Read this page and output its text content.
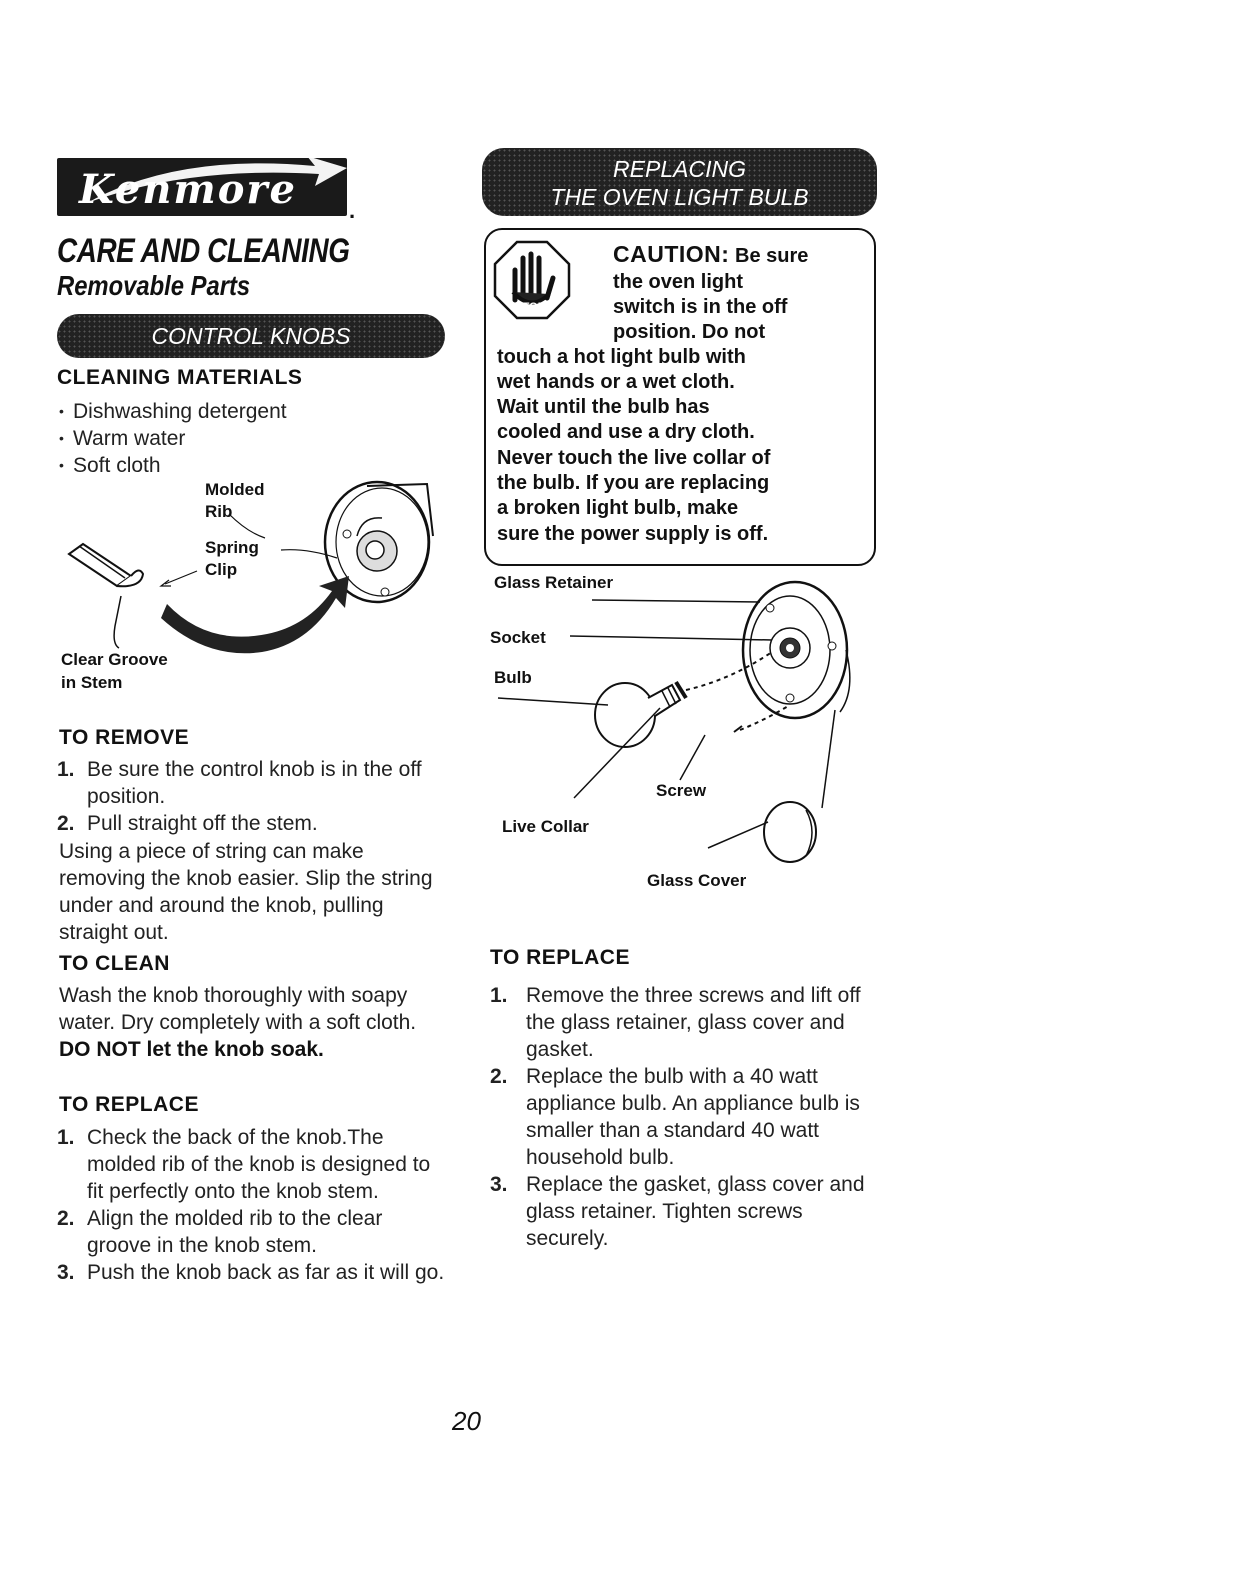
Kenmore .
CARE AND CLEANING
Removable Parts
CONTROL KNOBS
CLEANING MATERIALS
• Dishwashing detergent
• Warm water
• Soft cloth
Molded
Rib
Spring
Clip
Clear Groove
in Stem
TO REMOVE
1. Be sure the control knob is in the off position.
2. Pull straight off the stem.
Using a piece of string can make removing the knob easier. Slip the string under and around the knob, pulling straight out.
TO CLEAN
Wash the knob thoroughly with soapy water. Dry completely with a soft cloth. DO NOT let the knob soak.
TO REPLACE
1. Check the back of the knob.The molded rib of the knob is designed to fit perfectly onto the knob stem.
2. Align the molded rib to the clear groove in the knob stem.
3. Push the knob back as far as it will go.
REPLACING
THE OVEN LIGHT BULB
STOP!
CAUTION: Be sure
the oven light
switch is in the off
position. Do not
touch a hot light bulb with
wet hands or a wet cloth.
Wait until the bulb has
cooled and use a dry cloth.
Never touch the live collar of
the bulb. If you are replacing
a broken light bulb, make
sure the power supply is off.
Glass Retainer
Socket
Bulb
Screw
Live Collar
Glass Cover
TO REPLACE
1. Remove the three screws and lift off the glass retainer, glass cover and gasket.
2. Replace the bulb with a 40 watt appliance bulb. An appliance bulb is smaller than a standard 40 watt household bulb.
3. Replace the gasket, glass cover and glass retainer. Tighten screws securely.
20
